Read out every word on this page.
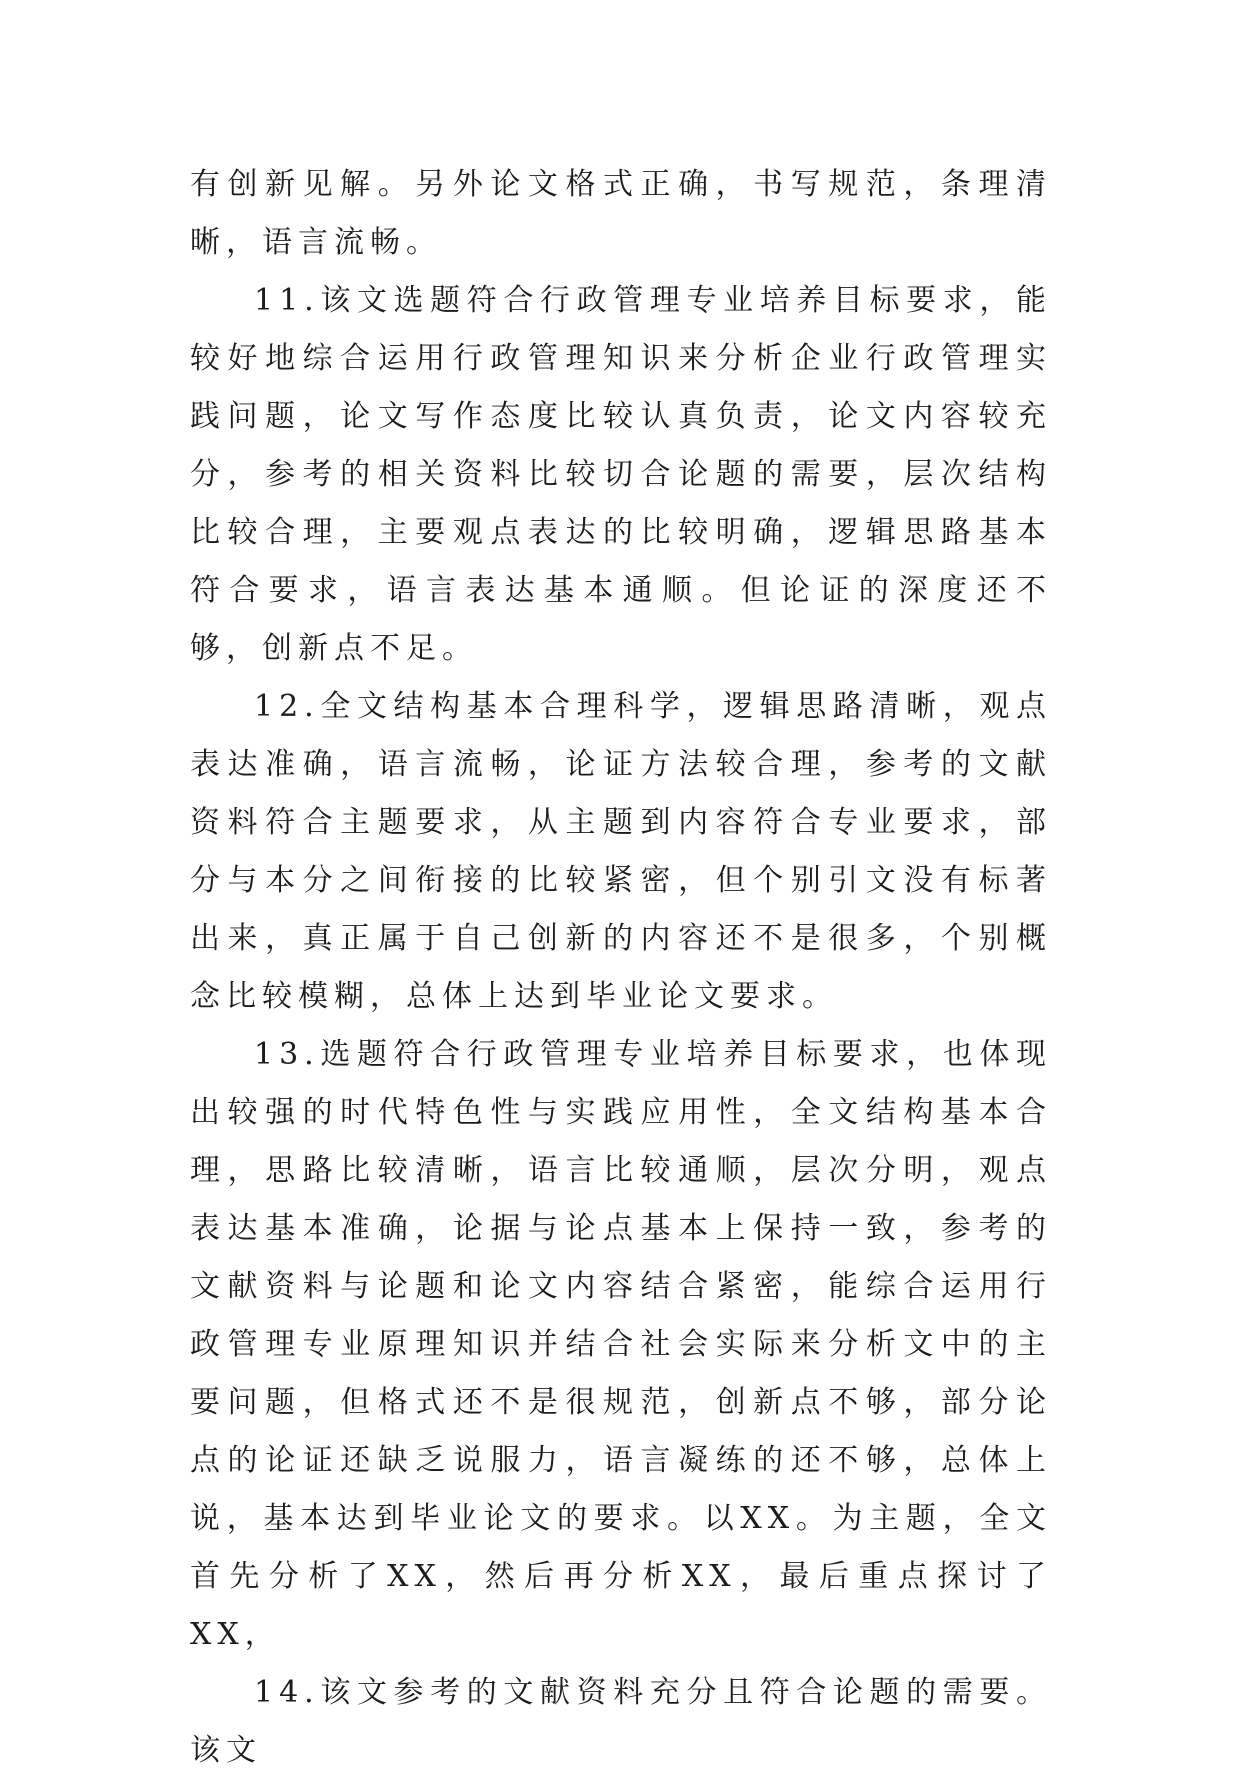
有创新见解。另外论文格式正确，书写规范，条理清晰，语言流畅。

11.该文选题符合行政管理专业培养目标要求，能较好地综合运用行政管理知识来分析企业行政管理实践问题，论文写作态度比较认真负责，论文内容较充分，参考的相关资料比较切合论题的需要，层次结构比较合理，主要观点表达的比较明确，逻辑思路基本符合要求，语言表达基本通顺。但论证的深度还不够，创新点不足。

12.全文结构基本合理科学，逻辑思路清晰，观点表达准确，语言流畅，论证方法较合理，参考的文献资料符合主题要求，从主题到内容符合专业要求，部分与本分之间衔接的比较紧密，但个别引文没有标著出来，真正属于自己创新的内容还不是很多，个别概念比较模糊，总体上达到毕业论文要求。

13.选题符合行政管理专业培养目标要求，也体现出较强的时代特色性与实践应用性，全文结构基本合理，思路比较清晰，语言比较通顺，层次分明，观点表达基本准确，论据与论点基本上保持一致，参考的文献资料与论题和论文内容结合紧密，能综合运用行政管理专业原理知识并结合社会实际来分析文中的主要问题，但格式还不是很规范，创新点不够，部分论点的论证还缺乏说服力，语言凝练的还不够，总体上说，基本达到毕业论文的要求。以XX。为主题，全文首先分析了XX，然后再分析XX，最后重点探讨了XX，

14.该文参考的文献资料充分且符合论题的需要。该文
